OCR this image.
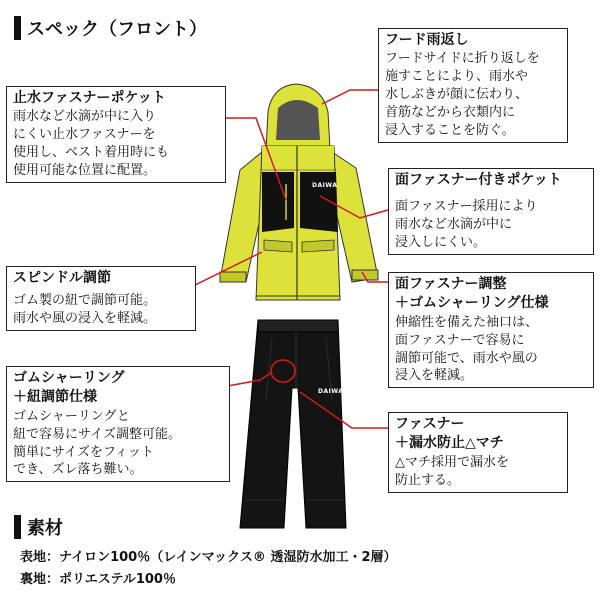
スペック（フロント）
DAIWA
DAIWA
フード雨返し
フードサイドに折り返しを
施すことにより、雨水や
水しぶきが顔に伝わり、
首筋などから衣類内に
浸入することを防ぐ。
止水ファスナーポケット
雨水など水滴が中に入り
にくい止水ファスナーを
使用し、ベスト着用時にも
使用可能な位置に配置。
面ファスナー付きポケット
面ファスナー採用により
雨水など水滴が中に
浸入しにくい。
スピンドル調節
ゴム製の紐で調節可能。
雨水や風の浸入を軽減。
面ファスナー調整
＋ゴムシャーリング仕様
伸縮性を備えた袖口は、
面ファスナーで容易に
調節可能で、雨水や風の
浸入を軽減。
ゴムシャーリング
＋紐調節仕様
ゴムシャーリングと
紐で容易にサイズ調整可能。
簡単にサイズをフィット
でき、ズレ落ち難い。
ファスナー
＋漏水防止△マチ
△マチ採用で漏水を
防止する。
素材
表地：ナイロン100％（レインマックス® 透湿防水加工・2層）
裏地：ポリエステル100％
